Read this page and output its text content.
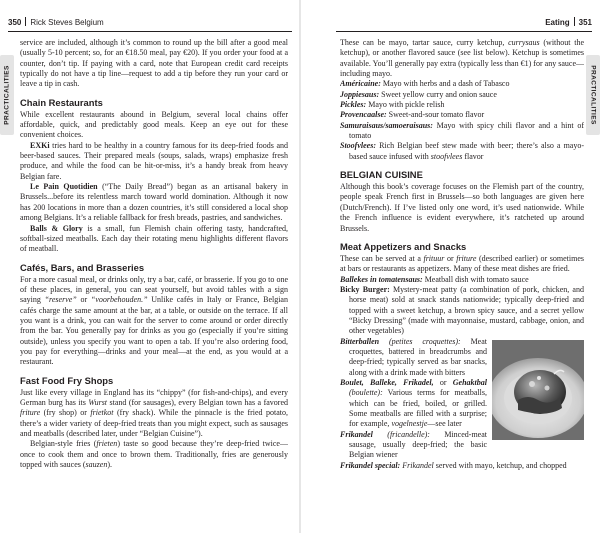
350 Rick Steves Belgium
PRACTICALITIES

service are included, although it’s common to round up the bill after a good meal (usually 5-10 percent; so, for an €18.50 meal, pay €20). If you order your food at a counter, don’t tip. If paying with a card, note that European credit card receipts typically do not have a tip line—request to add a tip before they run your card or leave a tip in cash.

Chain Restaurants

While excellent restaurants abound in Belgium, several local chains offer affordable, quick, and predictably good meals. Keep an eye out for these convenient choices.

EXKi tries hard to be healthy in a country famous for its deep-fried foods and beer-based sauces. Their prepared meals (soups, salads, wraps) emphasize fresh produce, and while the food can be hit-or-miss, it’s a handy break from heavy Belgian fare.

Le Pain Quotidien (“The Daily Bread”) began as an artisanal bakery in Brussels...before its relentless march toward world domination. Although it now has 200 locations in more than a dozen countries, it’s still considered a local shop among Belgians. It’s a reliable fallback for fresh breads, pastries, and sandwiches.

Balls & Glory is a small, fun Flemish chain offering tasty, handcrafted, softball-sized meatballs. Each day their rotating menu highlights different flavors of meatball.

Cafés, Bars, and Brasseries

For a more casual meal, or drinks only, try a bar, café, or brasserie. If you go to one of these places, in general, you can seat yourself, but avoid tables with a sign saying “reserve” or “voorbehouden.” Unlike cafés in Italy or France, Belgian cafés charge the same amount at the bar, at a table, or outside on the terrace. If all you want is a drink, you can wait for the server to come around or order directly from the bar. You generally pay for drinks as you go (especially if you’re sitting outside), unless you specify you want to open a tab. If you’re also ordering food, you pay for everything—drinks and your meal—at the end, as you would at a restaurant.

Fast Food Fry Shops

Just like every village in England has its “chippy” (for fish-and-chips), and every German burg has its Wurst stand (for sausages), every Belgian town has a favored friture (fry shop) or frietkot (fry shack). While the pinnacle is the fried potato, there’s a wider variety of deep-fried treats than you might expect, such as sausages and meatballs (described later, under “Belgian Cuisine”).

Belgian-style fries (frieten) taste so good because they’re deep-fried twice—once to cook them and once to brown them. Traditionally, fries are generously topped with sauces (sauzen).

Eating 351
PRACTICALITIES

These can be mayo, tartar sauce, curry ketchup, currysaus (without the ketchup), or another flavored sauce (see list below). Ketchup is sometimes available. You’ll generally pay extra (typically less than €1) for any sauce—including mayo.

Américaine: Mayo with herbs and a dash of Tabasco

Joppiesaus: Sweet yellow curry and onion sauce

Pickles: Mayo with pickle relish

Provencaalse: Sweet-and-sour tomato flavor

Samuraisaus/samoeraisaus: Mayo with spicy chili flavor and a hint of tomato

Stoofvlees: Rich Belgian beef stew made with beer; there’s also a mayo-based sauce infused with stoofvlees flavor

BELGIAN CUISINE

Although this book’s coverage focuses on the Flemish part of the country, people speak French first in Brussels—so both languages are given here (Dutch/French). If I’ve listed only one word, it’s used nationwide. While the French influence is evident everywhere, it’s ratcheted up around Brussels.

Meat Appetizers and Snacks

These can be served at a frituur or friture (described earlier) or sometimes at bars or restaurants as appetizers. Many of these meat dishes are fried.

Ballekes in tomatensaus: Meatball dish with tomato sauce

Bicky Burger: Mystery-meat patty (a combination of pork, chicken, and horse meat) sold at snack stands nationwide; typically deep-fried and topped with a sweet ketchup, a brown spicy sauce, and a secret yellow “Bicky Dressing” (made with mayonnaise, mustard, cabbage, onion, and other vegetables)

Bitterballen (petites croquettes): Meat croquettes, battered in breadcrumbs and deep-fried; typically served as bar snacks, along with a drink made with bitters

Boulet, Balleke, Frikadel, or Gehaktbal (boulette): Various terms for meatballs, which can be fried, boiled, or grilled. Some meatballs are filled with a surprise; for example, vogelnestje—see later

Frikandel (fricandelle): Minced-meat sausage, usually deep-fried; the basic Belgian wiener

Frikandel special: Frikandel served with mayo, ketchup, and chopped
